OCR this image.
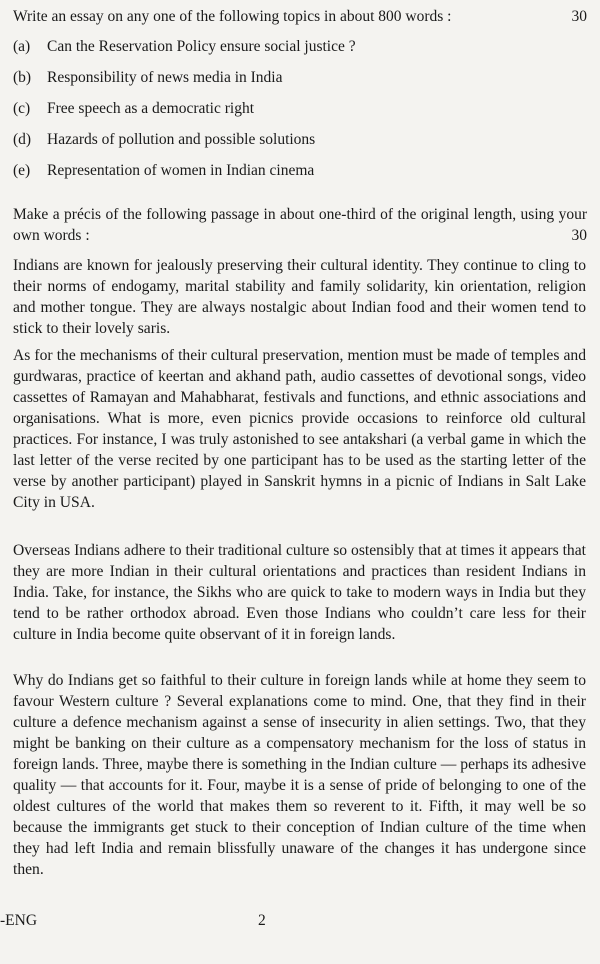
Write an essay on any one of the following topics in about 800 words :	30
(a)	Can the Reservation Policy ensure social justice ?
(b)	Responsibility of news media in India
(c)	Free speech as a democratic right
(d)	Hazards of pollution and possible solutions
(e)	Representation of women in Indian cinema
Make a précis of the following passage in about one-third of the original length, using your own words :	30
Indians are known for jealously preserving their cultural identity. They continue to cling to their norms of endogamy, marital stability and family solidarity, kin orientation, religion and mother tongue. They are always nostalgic about Indian food and their women tend to stick to their lovely saris.
As for the mechanisms of their cultural preservation, mention must be made of temples and gurdwaras, practice of keertan and akhand path, audio cassettes of devotional songs, video cassettes of Ramayan and Mahabharat, festivals and functions, and ethnic associations and organisations. What is more, even picnics provide occasions to reinforce old cultural practices. For instance, I was truly astonished to see antakshari (a verbal game in which the last letter of the verse recited by one participant has to be used as the starting letter of the verse by another participant) played in Sanskrit hymns in a picnic of Indians in Salt Lake City in USA.
Overseas Indians adhere to their traditional culture so ostensibly that at times it appears that they are more Indian in their cultural orientations and practices than resident Indians in India. Take, for instance, the Sikhs who are quick to take to modern ways in India but they tend to be rather orthodox abroad. Even those Indians who couldn’t care less for their culture in India become quite observant of it in foreign lands.
Why do Indians get so faithful to their culture in foreign lands while at home they seem to favour Western culture ? Several explanations come to mind. One, that they find in their culture a defence mechanism against a sense of insecurity in alien settings. Two, that they might be banking on their culture as a compensatory mechanism for the loss of status in foreign lands. Three, maybe there is something in the Indian culture — perhaps its adhesive quality — that accounts for it. Four, maybe it is a sense of pride of belonging to one of the oldest cultures of the world that makes them so reverent to it. Fifth, it may well be so because the immigrants get stuck to their conception of Indian culture of the time when they had left India and remain blissfully unaware of the changes it has undergone since then.
-ENG	2
